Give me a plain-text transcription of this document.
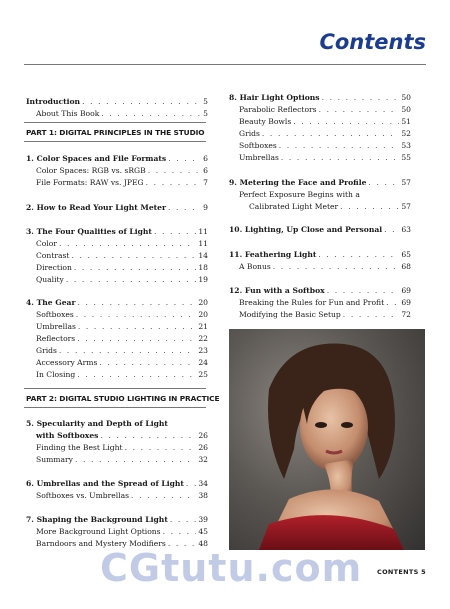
Contents
Introduction . . .	5
About This Book . . .	5
PART 1: DIGITAL PRINCIPLES IN THE STUDIO
1. Color Spaces and File Formats . . .	6
Color Spaces: RGB vs. sRGB . . .	6
File Formats: RAW vs. JPEG . . .	7
2. How to Read Your Light Meter . . .	9
3. The Four Qualities of Light . . .	11
Color . . .	11
Contrast . . .	14
Direction . . .	18
Quality . . .	19
4. The Gear . . .	20
Softboxes . . .	20
Umbrellas . . .	21
Reflectors . . .	22
Grids . . .	23
Accessory Arms . . .	24
In Closing . . .	25
PART 2: DIGITAL STUDIO LIGHTING IN PRACTICE
5. Specularity and Depth of Light
with Softboxes . . .	26
Finding the Best Light . . .	26
Summary . . .	32
6. Umbrellas and the Spread of Light . . . 34
Softboxes vs. Umbrellas . . .	38
7. Shaping the Background Light . . .	39
More Background Light Options . . .	45
Barndoors and Mystery Modifiers . . .	48
8. Hair Light Options . . .	50
Parabolic Reflectors . . .	50
Beauty Bowls . . .	51
Grids . . .	52
Softboxes . . .	53
Umbrellas . . .	55
9. Metering the Face and Profile . . .	57
Perfect Exposure Begins with a
Calibrated Light Meter . . .	57
10. Lighting, Up Close and Personal . . .	63
11. Feathering Light . . .	65
A Bonus . . .	68
12. Fun with a Softbox . . .	69
Breaking the Rules for Fun and Profit . . . 69
Modifying the Basic Setup . . .	72
CGtutu.com CONTENTS 5
